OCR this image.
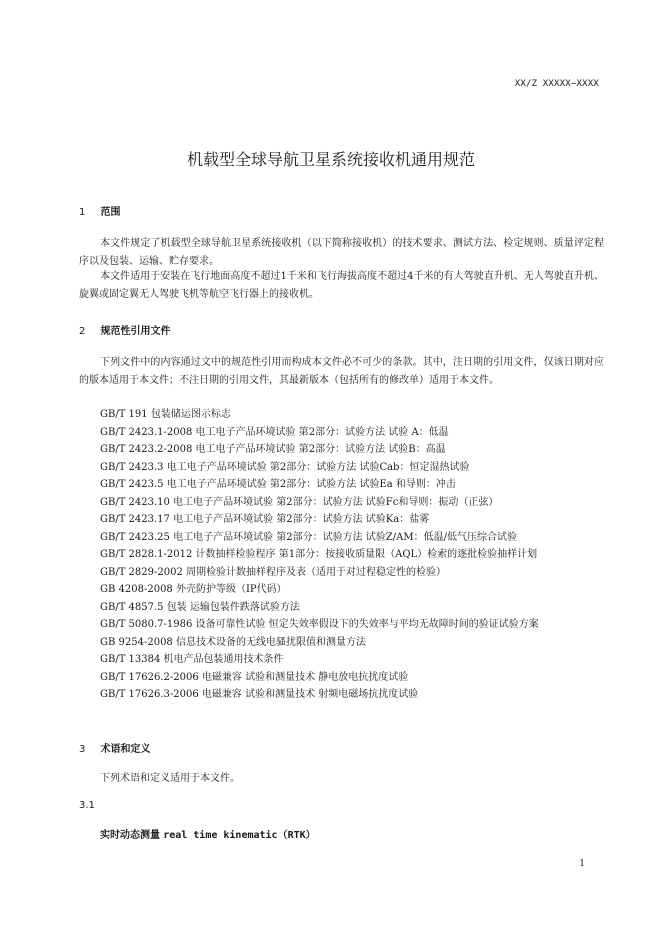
XX/Z XXXXX—XXXX
机载型全球导航卫星系统接收机通用规范
1 范围

本文件规定了机载型全球导航卫星系统接收机（以下简称接收机）的技术要求、测试方法、检定规则、质量评定程序以及包装、运输、贮存要求。

本文件适用于安装在飞行地面高度不超过1千米和飞行海拔高度不超过4千米的有人驾驶直升机、无人驾驶直升机、旋翼或固定翼无人驾驶飞机等航空飞行器上的接收机。

2 规范性引用文件

下列文件中的内容通过文中的规范性引用而构成本文件必不可少的条款。其中，注日期的引用文件，仅该日期对应的版本适用于本文件；不注日期的引用文件，其最新版本（包括所有的修改单）适用于本文件。

GB/T 191 包装储运图示标志
GB/T 2423.1-2008 电工电子产品环境试验 第2部分：试验方法 试验 A：低温
GB/T 2423.2-2008 电工电子产品环境试验 第2部分：试验方法 试验B：高温
GB/T 2423.3 电工电子产品环境试验 第2部分：试验方法 试验Cab：恒定湿热试验
GB/T 2423.5 电工电子产品环境试验 第2部分：试验方法 试验Ea 和导则：冲击
GB/T 2423.10 电工电子产品环境试验 第2部分：试验方法 试验Fc和导则：振动（正弦）
GB/T 2423.17 电工电子产品环境试验 第2部分：试验方法 试验Ka：盐雾
GB/T 2423.25 电工电子产品环境试验 第2部分：试验方法 试验Z/AM：低温/低气压综合试验
GB/T 2828.1-2012 计数抽样检验程序 第1部分：按接收质量限（AQL）检索的逐批检验抽样计划
GB/T 2829-2002 周期检验计数抽样程序及表（适用于对过程稳定性的检验）
GB 4208-2008 外壳防护等级（IP代码）
GB/T 4857.5 包装 运输包装件跌落试验方法
GB/T 5080.7-1986 设备可靠性试验 恒定失效率假设下的失效率与平均无故障时间的验证试验方案
GB 9254-2008 信息技术设备的无线电骚扰限值和测量方法
GB/T 13384 机电产品包装通用技术条件
GB/T 17626.2-2006 电磁兼容 试验和测量技术 静电放电抗扰度试验
GB/T 17626.3-2006 电磁兼容 试验和测量技术 射频电磁场抗扰度试验
3 术语和定义

下列术语和定义适用于本文件。

3.1
实时动态测量 real time kinematic（RTK）
1
